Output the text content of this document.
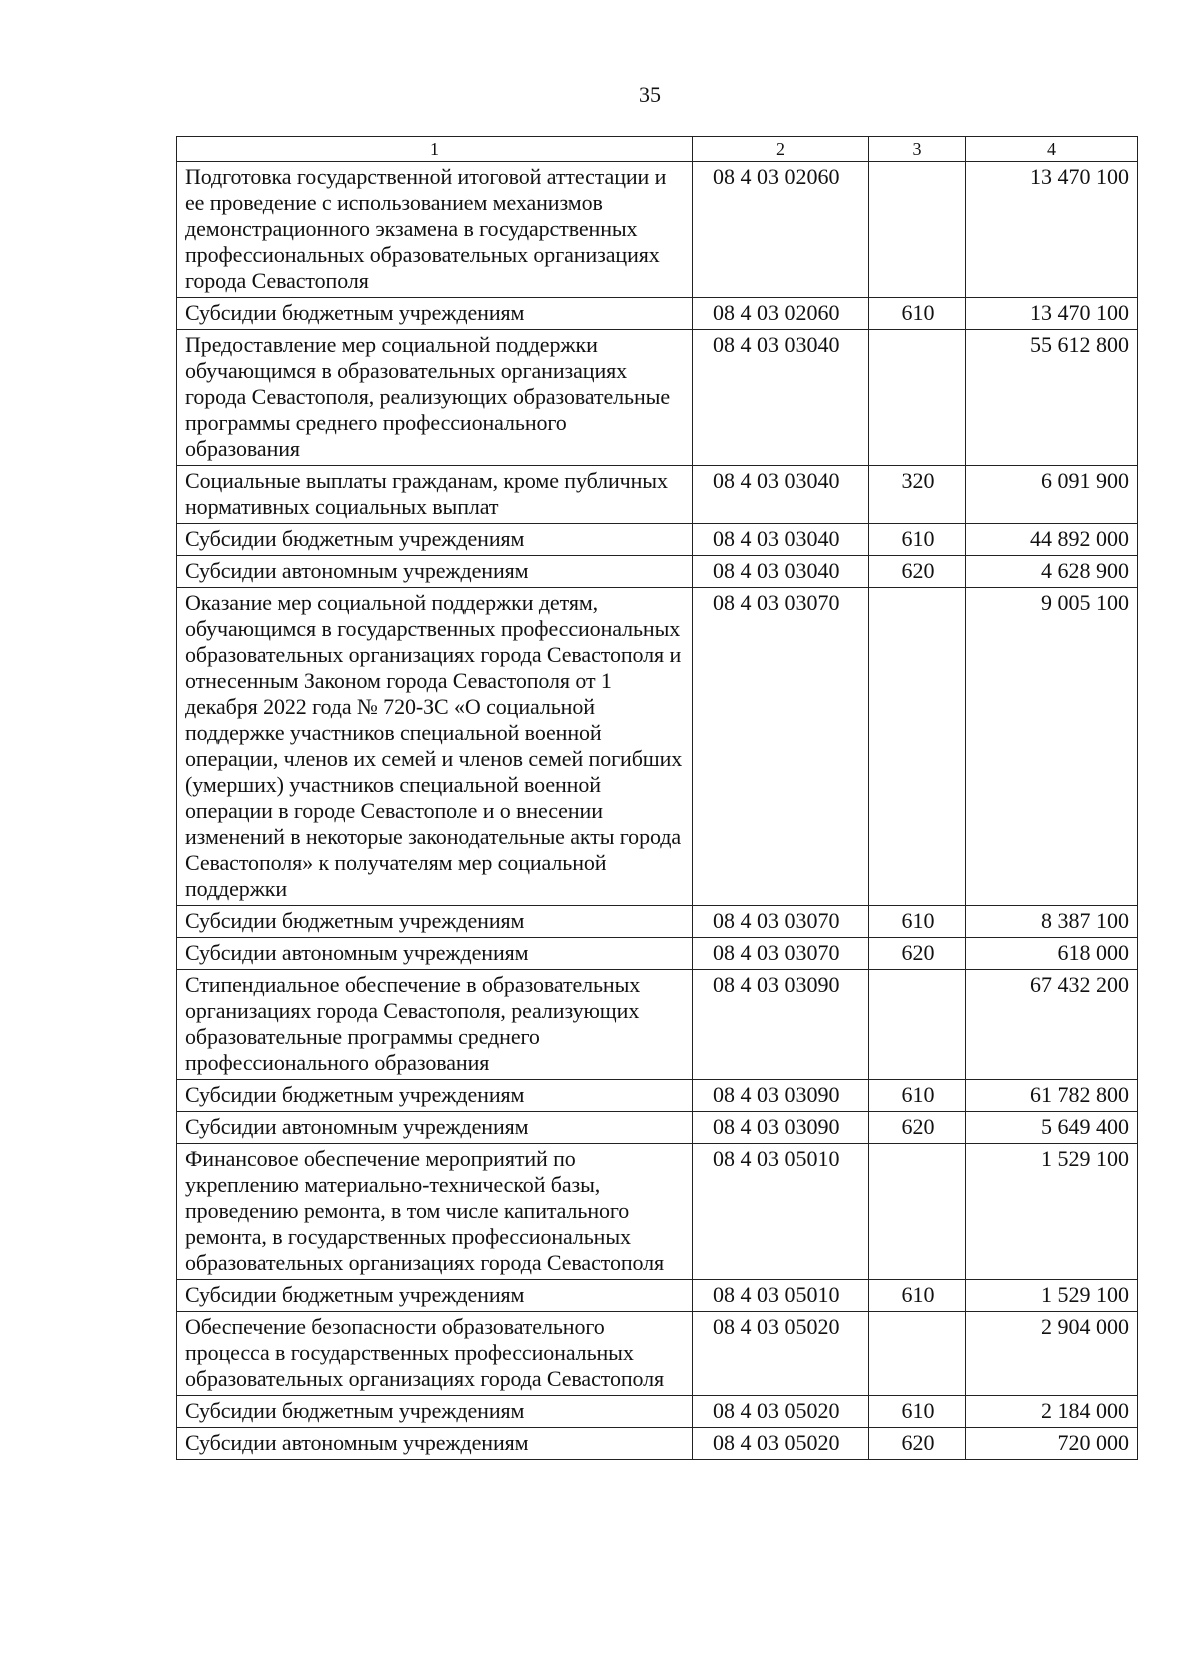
35
1	2	3	4
Подготовка государственной итоговой аттестации и ее проведение с использованием механизмов демонстрационного экзамена в государственных профессиональных образовательных организациях города Севастополя	08 4 03 02060		13 470 100
Субсидии бюджетным учреждениям	08 4 03 02060	610	13 470 100
Предоставление мер социальной поддержки обучающимся в образовательных организациях города Севастополя, реализующих образовательные программы среднего профессионального образования	08 4 03 03040		55 612 800
Социальные выплаты гражданам, кроме публичных нормативных социальных выплат	08 4 03 03040	320	6 091 900
Субсидии бюджетным учреждениям	08 4 03 03040	610	44 892 000
Субсидии автономным учреждениям	08 4 03 03040	620	4 628 900
Оказание мер социальной поддержки детям, обучающимся в государственных профессиональных образовательных организациях города Севастополя и отнесенным Законом города Севастополя от 1 декабря 2022 года № 720-ЗС «О социальной поддержке участников специальной военной операции, членов их семей и членов семей погибших (умерших) участников специальной военной операции в городе Севастополе и о внесении изменений в некоторые законодательные акты города Севастополя» к получателям мер социальной поддержки	08 4 03 03070		9 005 100
Субсидии бюджетным учреждениям	08 4 03 03070	610	8 387 100
Субсидии автономным учреждениям	08 4 03 03070	620	618 000
Стипендиальное обеспечение в образовательных организациях города Севастополя, реализующих образовательные программы среднего профессионального образования	08 4 03 03090		67 432 200
Субсидии бюджетным учреждениям	08 4 03 03090	610	61 782 800
Субсидии автономным учреждениям	08 4 03 03090	620	5 649 400
Финансовое обеспечение мероприятий по укреплению материально-технической базы, проведению ремонта, в том числе капитального ремонта, в государственных профессиональных образовательных организациях города Севастополя	08 4 03 05010		1 529 100
Субсидии бюджетным учреждениям	08 4 03 05010	610	1 529 100
Обеспечение безопасности образовательного процесса в государственных профессиональных образовательных организациях города Севастополя	08 4 03 05020		2 904 000
Субсидии бюджетным учреждениям	08 4 03 05020	610	2 184 000
Субсидии автономным учреждениям	08 4 03 05020	620	720 000
